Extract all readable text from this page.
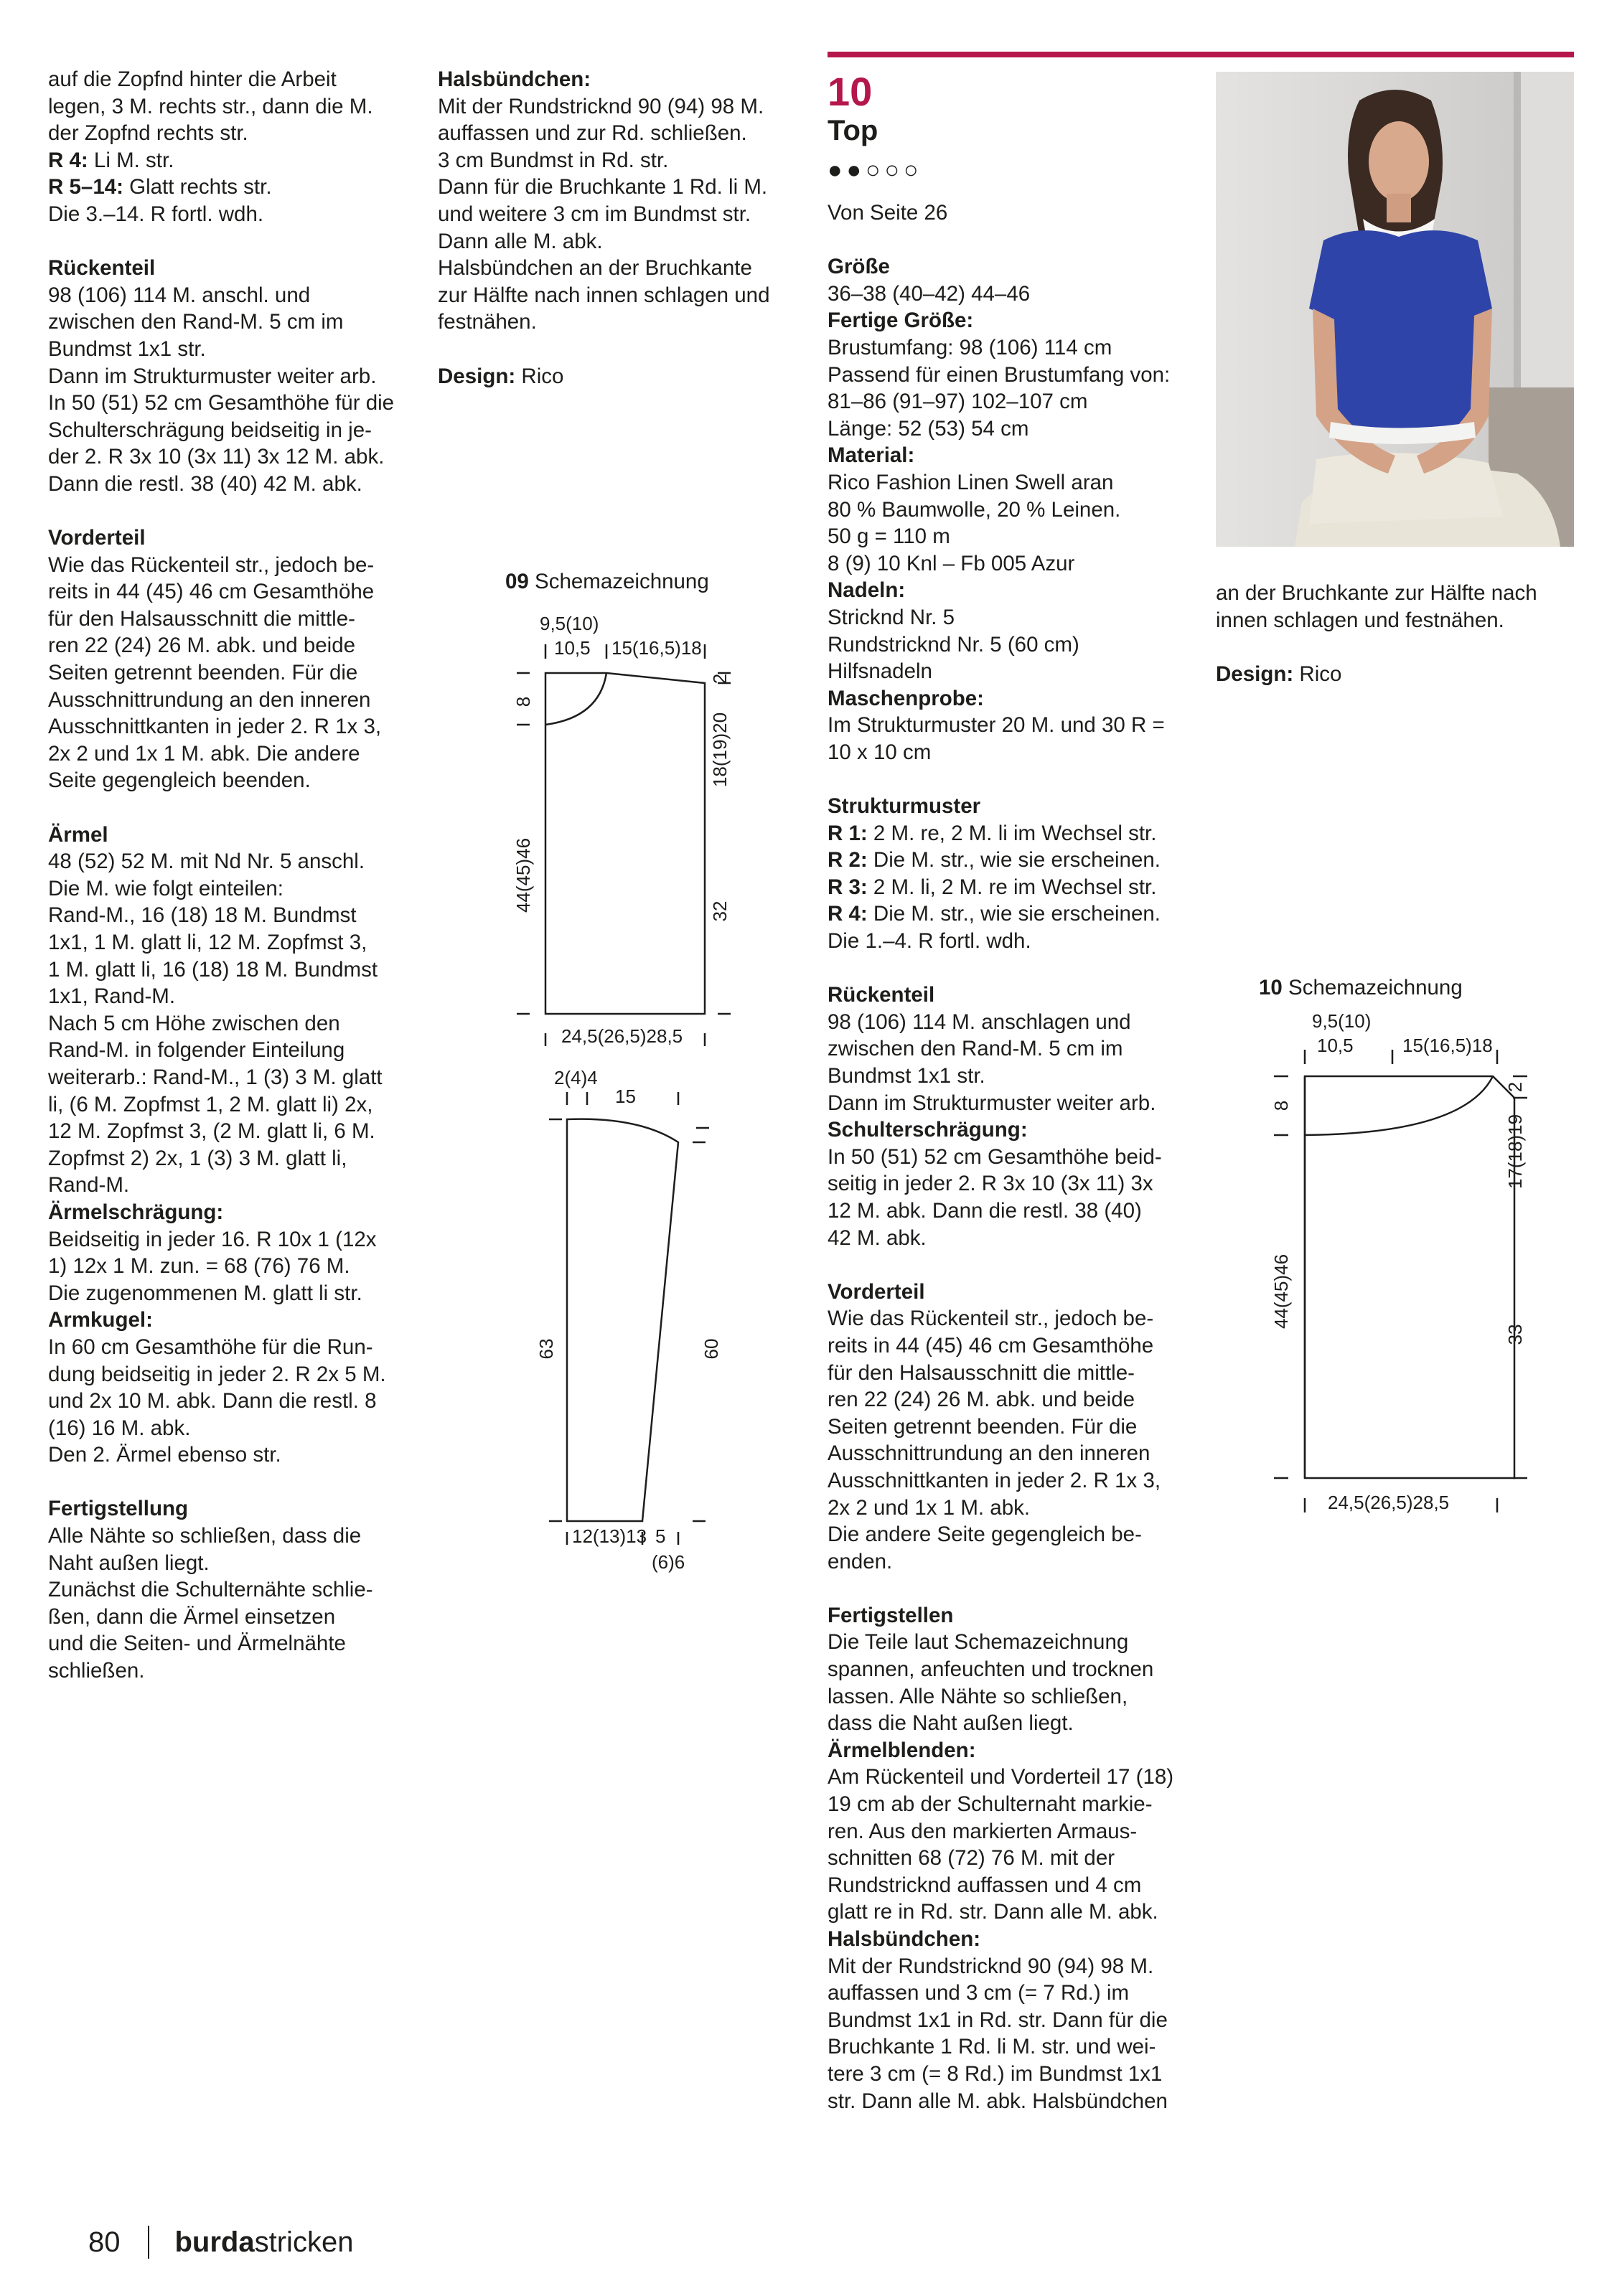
auf die Zopfnd hinter die Arbeit
legen, 3 M. rechts str., dann die M.
der Zopfnd rechts str.
R 4: Li M. str.
R 5–14: Glatt rechts str.
Die 3.–14. R fortl. wdh.
Rückenteil
98 (106) 114 M. anschl. und
zwischen den Rand-M. 5 cm im
Bundmst 1x1 str.
Dann im Strukturmuster weiter arb.
In 50 (51) 52 cm Gesamthöhe für die
Schulterschrägung beidseitig in je-
der 2. R 3x 10 (3x 11) 3x 12 M. abk.
Dann die restl. 38 (40) 42 M. abk.
Vorderteil
Wie das Rückenteil str., jedoch be-
reits in 44 (45) 46 cm Gesamthöhe
für den Halsausschnitt die mittle-
ren 22 (24) 26 M. abk. und beide
Seiten getrennt beenden. Für die
Ausschnittrundung an den inneren
Ausschnittkanten in jeder 2. R 1x 3,
2x 2 und 1x 1 M. abk. Die andere
Seite gegengleich beenden.
Ärmel
48 (52) 52 M. mit Nd Nr. 5 anschl.
Die M. wie folgt einteilen:
Rand-M., 16 (18) 18 M. Bundmst
1x1, 1 M. glatt li, 12 M. Zopfmst 3,
1 M. glatt li, 16 (18) 18 M. Bundmst
1x1, Rand-M.
Nach 5 cm Höhe zwischen den
Rand-M. in folgender Einteilung
weiterarb.: Rand-M., 1 (3) 3 M. glatt
li, (6 M. Zopfmst 1, 2 M. glatt li) 2x,
12 M. Zopfmst 3, (2 M. glatt li, 6 M.
Zopfmst 2) 2x, 1 (3) 3 M. glatt li,
Rand-M.
Ärmelschrägung:
Beidseitig in jeder 16. R 10x 1 (12x
1) 12x 1 M. zun. = 68 (76) 76 M.
Die zugenommenen M. glatt li str.
Armkugel:
In 60 cm Gesamthöhe für die Run-
dung beidseitig in jeder 2. R 2x 5 M.
und 2x 10 M. abk. Dann die restl. 8
(16) 16 M. abk.
Den 2. Ärmel ebenso str.
Fertigstellung
Alle Nähte so schließen, dass die
Naht außen liegt.
Zunächst die Schulternähte schlie-
ßen, dann die Ärmel einsetzen
und die Seiten- und Ärmelnähte
schließen.
Halsbündchen:
Mit der Rundstricknd 90 (94) 98 M.
auffassen und zur Rd. schließen.
3 cm Bundmst in Rd. str.
Dann für die Bruchkante 1 Rd. li M.
und weitere 3 cm im Bundmst str.
Dann alle M. abk.
Halsbündchen an der Bruchkante
zur Hälfte nach innen schlagen und
festnähen.
Design: Rico
10
Top
●●○○○
Von Seite 26
Größe
36–38 (40–42) 44–46
Fertige Größe:
Brustumfang: 98 (106) 114 cm
Passend für einen Brustumfang von:
81–86 (91–97) 102–107 cm
Länge: 52 (53) 54 cm
Material:
Rico Fashion Linen Swell aran
80 % Baumwolle, 20 % Leinen.
50 g = 110 m
8 (9) 10 Knl – Fb 005 Azur
Nadeln:
Stricknd Nr. 5
Rundstricknd Nr. 5 (60 cm)
Hilfsnadeln
Maschenprobe:
Im Strukturmuster 20 M. und 30 R =
10 x 10 cm
Strukturmuster
R 1: 2 M. re, 2 M. li im Wechsel str.
R 2: Die M. str., wie sie erscheinen.
R 3: 2 M. li, 2 M. re im Wechsel str.
R 4: Die M. str., wie sie erscheinen.
Die 1.–4. R fortl. wdh.
Rückenteil
98 (106) 114 M. anschlagen und
zwischen den Rand-M. 5 cm im
Bundmst 1x1 str.
Dann im Strukturmuster weiter arb.
Schulterschrägung:
In 50 (51) 52 cm Gesamthöhe beid-
seitig in jeder 2. R 3x 10 (3x 11) 3x
12 M. abk. Dann die restl. 38 (40)
42 M. abk.
Vorderteil
Wie das Rückenteil str., jedoch be-
reits in 44 (45) 46 cm Gesamthöhe
für den Halsausschnitt die mittle-
ren 22 (24) 26 M. abk. und beide
Seiten getrennt beenden. Für die
Ausschnittrundung an den inneren
Ausschnittkanten in jeder 2. R 1x 3,
2x 2 und 1x 1 M. abk.
Die andere Seite gegengleich be-
enden.
Fertigstellen
Die Teile laut Schemazeichnung
spannen, anfeuchten und trocknen
lassen. Alle Nähte so schließen,
dass die Naht außen liegt.
Ärmelblenden:
Am Rückenteil und Vorderteil 17 (18)
19 cm ab der Schulternaht markie-
ren. Aus den markierten Armaus-
schnitten 68 (72) 76 M. mit der
Rundstricknd auffassen und 4 cm
glatt re in Rd. str. Dann alle M. abk.
Halsbündchen:
Mit der Rundstricknd 90 (94) 98 M.
auffassen und 3 cm (= 7 Rd.) im
Bundmst 1x1 in Rd. str. Dann für die
Bruchkante 1 Rd. li M. str. und wei-
tere 3 cm (= 8 Rd.) im Bundmst 1x1
str. Dann alle M. abk. Halsbündchen
an der Bruchkante zur Hälfte nach
innen schlagen und festnähen.
Design: Rico
09 Schemazeichnung
9,5(10)
10,5 15(16,5)18
8
2
18(19)20
44(45)46	32
24,5(26,5)28,5
2(4)4
15
63	60
12(13)13 5
(6)6
10 Schemazeichnung
9,5(10)
10,5	15(16,5)18
8
2
17(18)19
44(45)46
33
24,5(26,5)28,5
80 burdastricken
